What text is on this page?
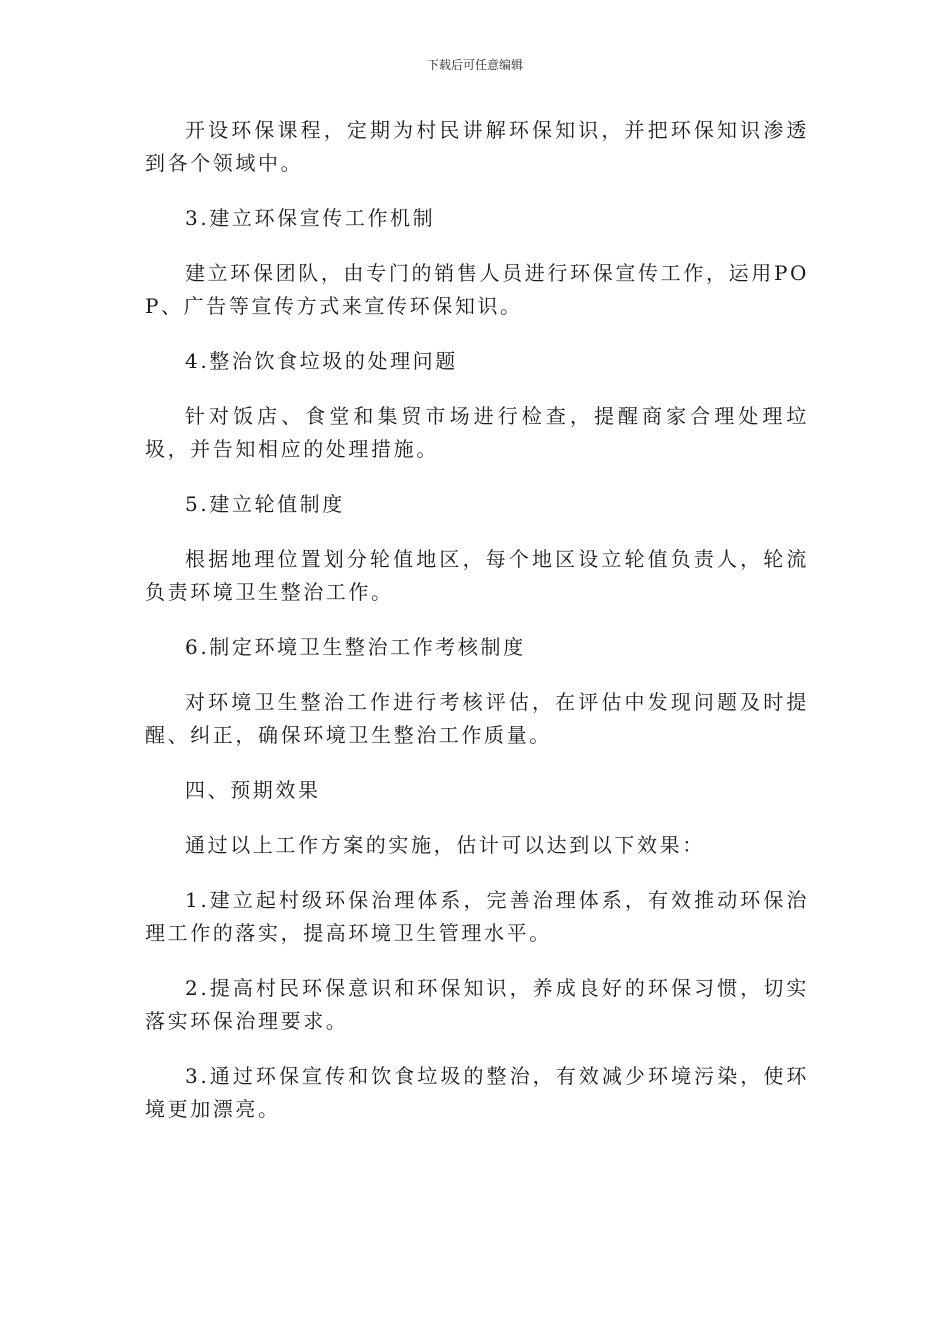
下载后可任意编辑

开设环保课程，定期为村民讲解环保知识，并把环保知识渗透到各个领域中。

3.建立环保宣传工作机制

建立环保团队，由专门的销售人员进行环保宣传工作，运用POP、广告等宣传方式来宣传环保知识。

4.整治饮食垃圾的处理问题

针对饭店、食堂和集贸市场进行检查，提醒商家合理处理垃圾，并告知相应的处理措施。

5.建立轮值制度

根据地理位置划分轮值地区，每个地区设立轮值负责人，轮流负责环境卫生整治工作。

6.制定环境卫生整治工作考核制度

对环境卫生整治工作进行考核评估，在评估中发现问题及时提醒、纠正，确保环境卫生整治工作质量。

四、预期效果

通过以上工作方案的实施，估计可以达到以下效果：

1.建立起村级环保治理体系，完善治理体系，有效推动环保治理工作的落实，提高环境卫生管理水平。

2.提高村民环保意识和环保知识，养成良好的环保习惯，切实落实环保治理要求。

3.通过环保宣传和饮食垃圾的整治，有效减少环境污染，使环境更加漂亮。
